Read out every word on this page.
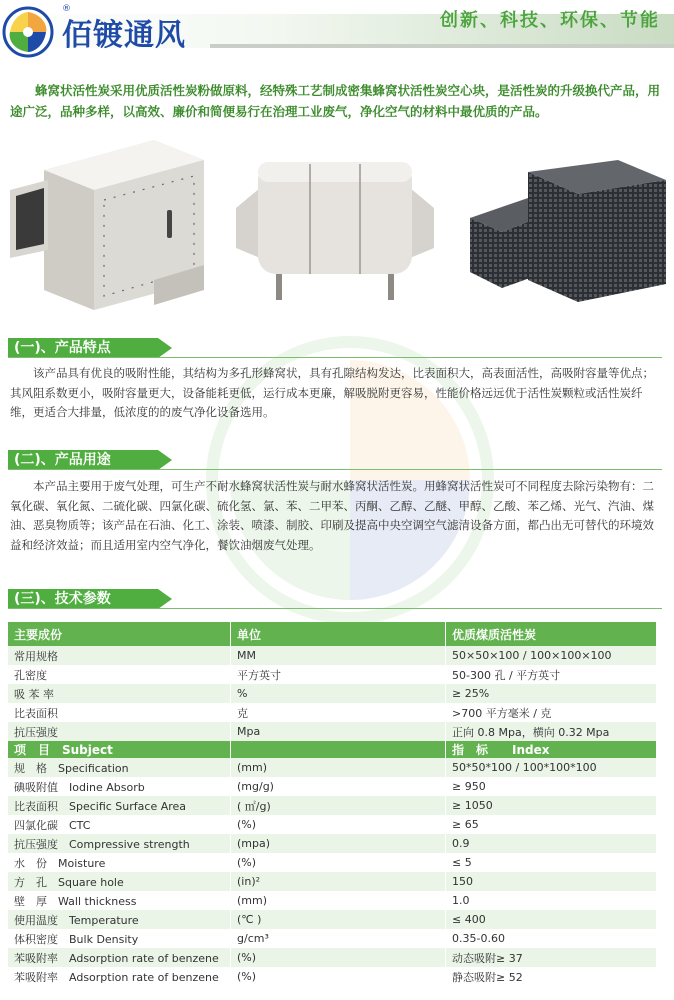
®
佰镀通风	创新、科技、环保、节能
蜂窝状活性炭采用优质活性炭粉做原料，经特殊工艺制成密集蜂窝状活性炭空心块，是活性炭的升级换代产品，用途广泛，品种多样，以高效、廉价和简便易行在治理工业废气，净化空气的材料中最优质的产品。
(一)、产品特点
该产品具有优良的吸附性能，其结构为多孔形蜂窝状，具有孔隙结构发达，比表面积大，高表面活性，高吸附容量等优点；其风阻系数更小，吸附容量更大，设备能耗更低，运行成本更廉，解吸脱附更容易，性能价格远远优于活性炭颗粒或活性炭纤维，更适合大排量，低浓度的的废气净化设备选用。
(二)、产品用途
本产品主要用于废气处理，可生产不耐水蜂窝状活性炭与耐水蜂窝状活性炭。用蜂窝状活性炭可不同程度去除污染物有：二氧化碳、氧化氮、二硫化碳、四氯化碳、硫化氢、氯、苯、二甲苯、丙酮、乙醇、乙醚、甲醇、乙酸、苯乙烯、光气、汽油、煤油、恶臭物质等；该产品在石油、化工、涂装、喷漆、制胶、印刷及提高中央空调空气滤清设备方面，都凸出无可替代的环境效益和经济效益；而且适用室内空气净化，餐饮油烟废气处理。
(三)、技术参数
主要成份	单位	优质煤质活性炭
常用规格	MM	50×50×100 / 100×100×100
孔密度	平方英寸	50-300 孔 / 平方英寸
吸 苯 率	%	≥ 25%
比表面积	克	>700 平方毫米 / 克
抗压强度	Mpa	正向 0.8 Mpa，横向 0.32 Mpa
项　目　Subject		指　标　　Index
规　格　Specification	(mm)	50*50*100 / 100*100*100
碘吸附值　Iodine Absorb	(mg/g)	≥ 950
比表面积　Specific Surface Area	( ㎡/g)	≥ 1050
四氯化碳　CTC	(%)	≥ 65
抗压强度　Compressive strength	(mpa)	0.9
水　份　Moisture	(%)	≤ 5
方　孔　Square hole	(in)²	150
壁　厚　Wall thickness	(mm)	1.0
使用温度　Temperature	(℃ )	≤ 400
体积密度　Bulk Density	g/cm³	0.35-0.60
苯吸附率　Adsorption rate of benzene	(%)	动态吸附≥ 37
苯吸附率　Adsorption rate of benzene	(%)	静态吸附≥ 52
